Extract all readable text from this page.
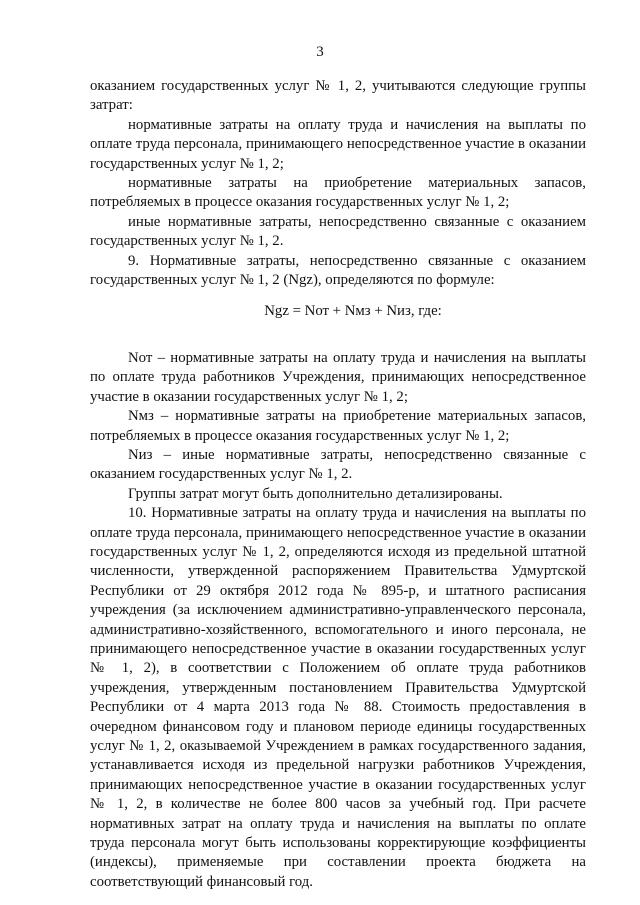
3

оказанием государственных услуг № 1, 2, учитываются следующие группы затрат:

нормативные затраты на оплату труда и начисления на выплаты по оплате труда персонала, принимающего непосредственное участие в оказании государственных услуг № 1, 2;

нормативные затраты на приобретение материальных запасов, потребляемых в процессе оказания государственных услуг № 1, 2;

иные нормативные затраты, непосредственно связанные с оказанием государственных услуг № 1, 2.

9. Нормативные затраты, непосредственно связанные с оказанием государственных услуг № 1, 2 (Ngz), определяются по формуле:

Ngz = Nот + Nмз + Nиз, где:

Nот – нормативные затраты на оплату труда и начисления на выплаты по оплате труда работников Учреждения, принимающих непосредственное участие в оказании государственных услуг № 1, 2;

Nмз – нормативные затраты на приобретение материальных запасов, потребляемых в процессе оказания государственных услуг № 1, 2;

Nиз – иные нормативные затраты, непосредственно связанные с оказанием государственных услуг № 1, 2.

Группы затрат могут быть дополнительно детализированы.

10. Нормативные затраты на оплату труда и начисления на выплаты по оплате труда персонала, принимающего непосредственное участие в оказании государственных услуг № 1, 2, определяются исходя из предельной штатной численности, утвержденной распоряжением Правительства Удмуртской Республики от 29 октября 2012 года № 895-р, и штатного расписания учреждения (за исключением административно-управленческого персонала, административно-хозяйственного, вспомогательного и иного персонала, не принимающего непосредственное участие в оказании государственных услуг № 1, 2), в соответствии с Положением об оплате труда работников учреждения, утвержденным постановлением Правительства Удмуртской Республики от 4 марта 2013 года № 88. Стоимость предоставления в очередном финансовом году и плановом периоде единицы государственных услуг № 1, 2, оказываемой Учреждением в рамках государственного задания, устанавливается исходя из предельной нагрузки работников Учреждения, принимающих непосредственное участие в оказании государственных услуг № 1, 2, в количестве не более 800 часов за учебный год. При расчете нормативных затрат на оплату труда и начисления на выплаты по оплате труда персонала могут быть использованы корректирующие коэффициенты (индексы), применяемые при составлении проекта бюджета на соответствующий финансовый год.
